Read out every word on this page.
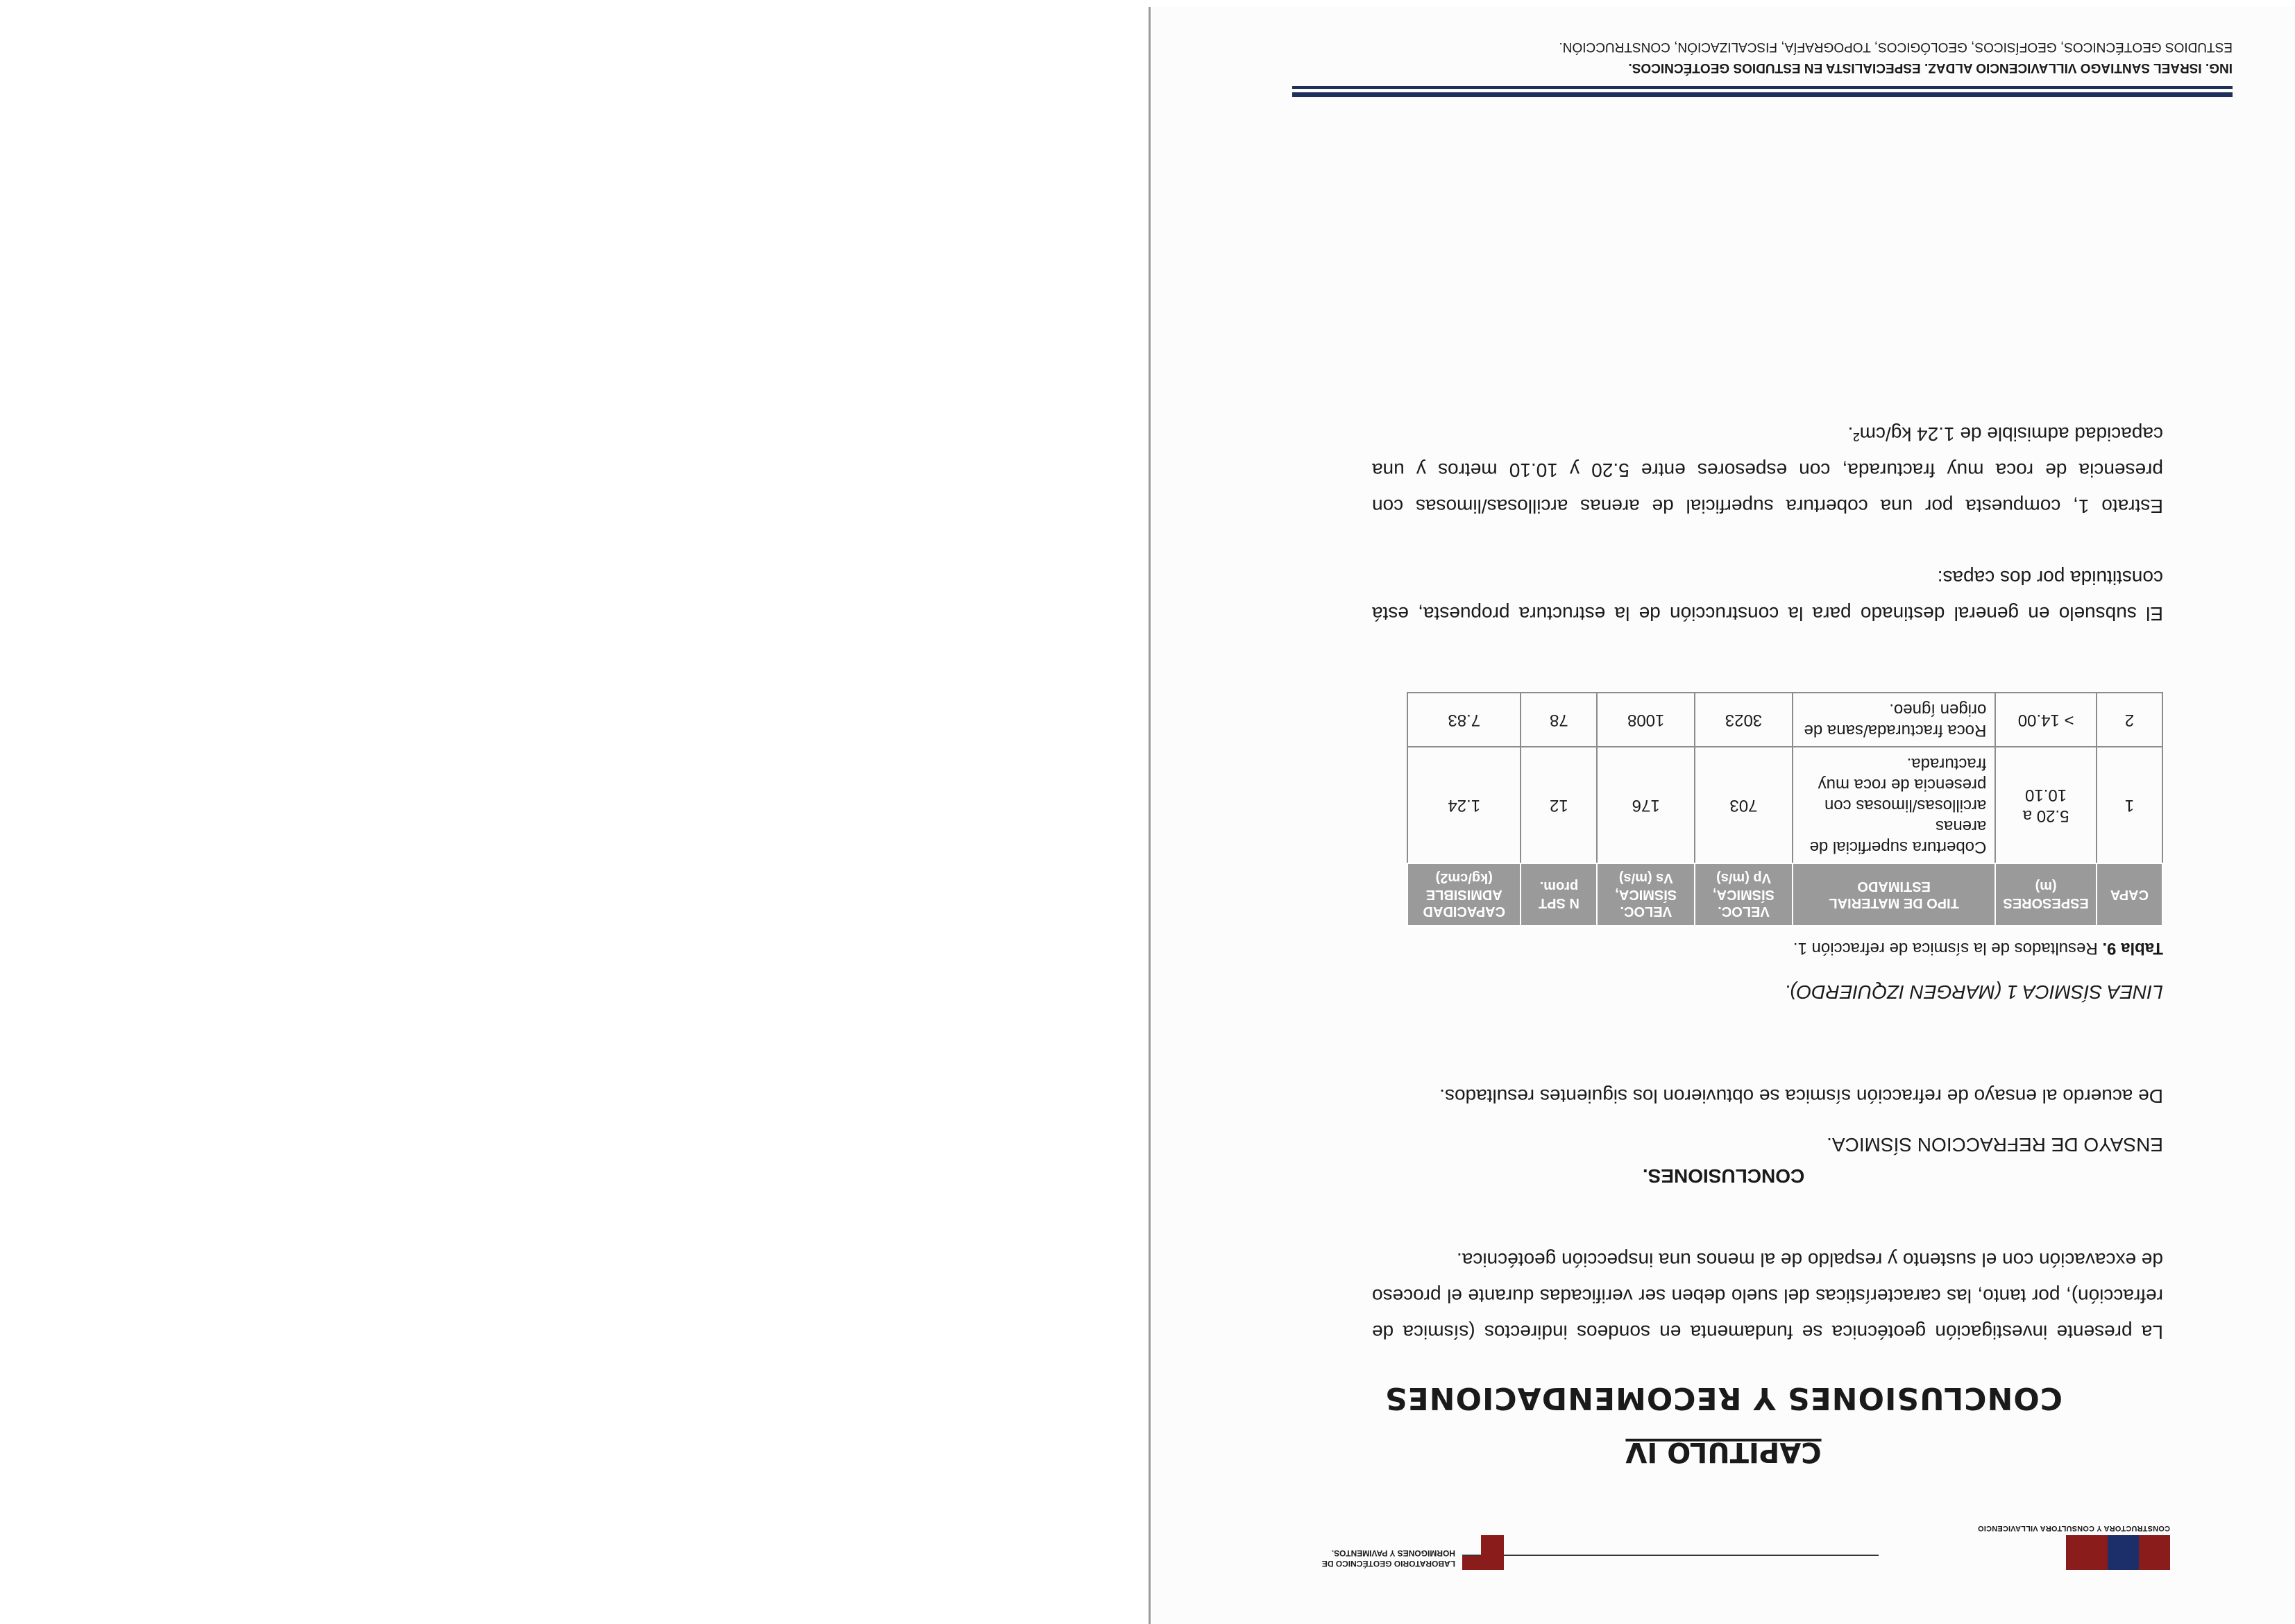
CONSTRUCTORA Y CONSULTORA VILLAVICENCIO
LABORATORIO GEOTÉCNICO DE
HORMIGONES Y PAVIMENTOS.
CAPITULO IV
CONCLUSIONES Y RECOMENDACIONES
La presente investigación geotécnica se fundamenta en sondeos indirectos (sísmica de refracción), por tanto, las características del suelo deben ser verificadas durante el proceso de excavación con el sustento y respaldo de al menos una inspección geotécnica.
CONCLUSIONES.
ENSAYO DE REFRACCION SÍSMICA.
De acuerdo al ensayo de refracción sísmica se obtuvieron los siguientes resultados.
LINEA SÍSMICA 1 (MARGEN IZQUIERDO).
Tabla 9. Resultados de la sísmica de refracción 1.
CAPA	ESPESORES (m)	TIPO DE MATERIAL ESTIMADO	VELOC. SÍSMICA, Vp (m/s)	VELOC. SÍSMICA, Vs (m/s)	N SPT prom.	CAPACIDAD ADMISIBLE (kg/cm2)
1	5.20 a 10.10	Cobertura superficial de arenas arcillosas/limosas con presencia de roca muy fracturada.	703	176	12	1.24
2	> 14.00	Roca fracturada/sana de origen ígneo.	3023	1008	78	7.83
El subsuelo en general destinado para la construcción de la estructura propuesta, está constituida por dos capas:
Estrato 1, compuesta por una cobertura superficial de arenas arcillosas/limosas con presencia de roca muy fracturada, con espesores entre 5.20 y 10.10 metros y una capacidad admisible de 1.24 kg/cm².
ING. ISRAEL SANTIAGO VILLAVICENCIO ALDAZ. ESPECIALISTA EN ESTUDIOS GEOTÉCNICOS.
ESTUDIOS GEOTÉCNICOS, GEOFÍSICOS, GEOLÓGICOS, TOPOGRAFÍA, FISCALIZACIÓN, CONSTRUCCIÓN.
